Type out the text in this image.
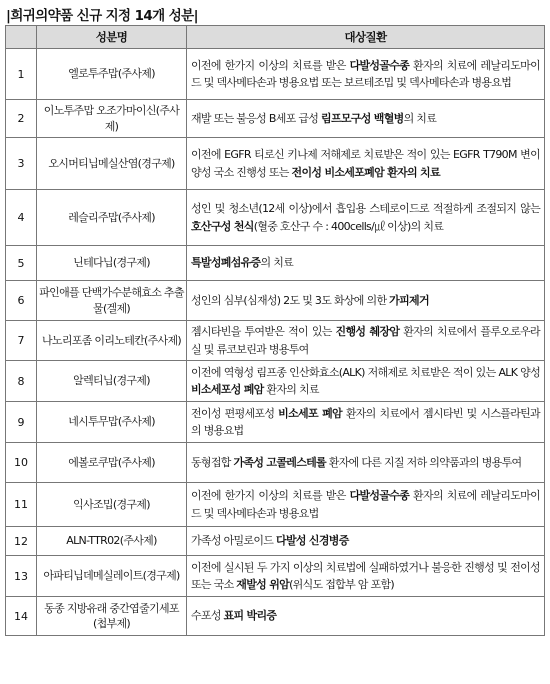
|희귀의약품 신규 지정 14개 성분|
	성분명	대상질환
1	엘로투주맙(주사제)	이전에 한가지 이상의 치료를 받은 다발성골수종 환자의 치료에 레날리도마이드 및 덱사메타손과 병용요법 또는 보르테조밉 및 덱사메타손과 병용요법
2	이노투주맙 오조가마이신(주사제)	재발 또는 불응성 B세포 급성 림프모구성 백혈병의 치료
3	오시머티닙메실산염(경구제)	이전에 EGFR 티로신 키나제 저해제로 치료받은 적이 있는 EGFR T790M 변이 양성 국소 진행성 또는 전이성 비소세포폐암 환자의 치료
4	레슬리주맙(주사제)	성인 및 청소년(12세 이상)에서 흡입용 스테로이드로 적절하게 조절되지 않는 호산구성 천식(혈중 호산구 수 : 400cells/㎕ 이상)의 치료
5	닌테다닙(경구제)	특발성폐섬유증의 치료
6	파인애플 단백가수분해효소 추출물(겔제)	성인의 심부(심재성) 2도 및 3도 화상에 의한 가피제거
7	나노리포좀 이리노테칸(주사제)	젬시타빈을 투여받은 적이 있는 진행성 췌장암 환자의 치료에서 플루오로우라실 및 류코보린과 병용투여
8	알렉티닙(경구제)	이전에 역형성 림프종 인산화효소(ALK) 저해제로 치료받은 적이 있는 ALK 양성 비소세포성 폐암 환자의 치료
9	네시투무맙(주사제)	전이성 편평세포성 비소세포 폐암 환자의 치료에서 젬시타빈 및 시스플라틴과의 병용요법
10	에볼로쿠맙(주사제)	동형접합 가족성 고콜레스테롤 환자에 다른 지질 저하 의약품과의 병용투여
11	익사조밉(경구제)	이전에 한가지 이상의 치료를 받은 다발성골수종 환자의 치료에 레날리도마이드 및 덱사메타손과 병용요법
12	ALN-TTR02(주사제)	가족성 아밀로이드 다발성 신경병증
13	아파티닙데메실레이트(경구제)	이전에 실시된 두 가지 이상의 치료법에 실패하였거나 불응한 진행성 및 전이성 또는 국소 재발성 위암(위식도 접합부 암 포함)
14	동종 지방유래 중간엽줄기세포(첩부제)	수포성 표피 박리증
